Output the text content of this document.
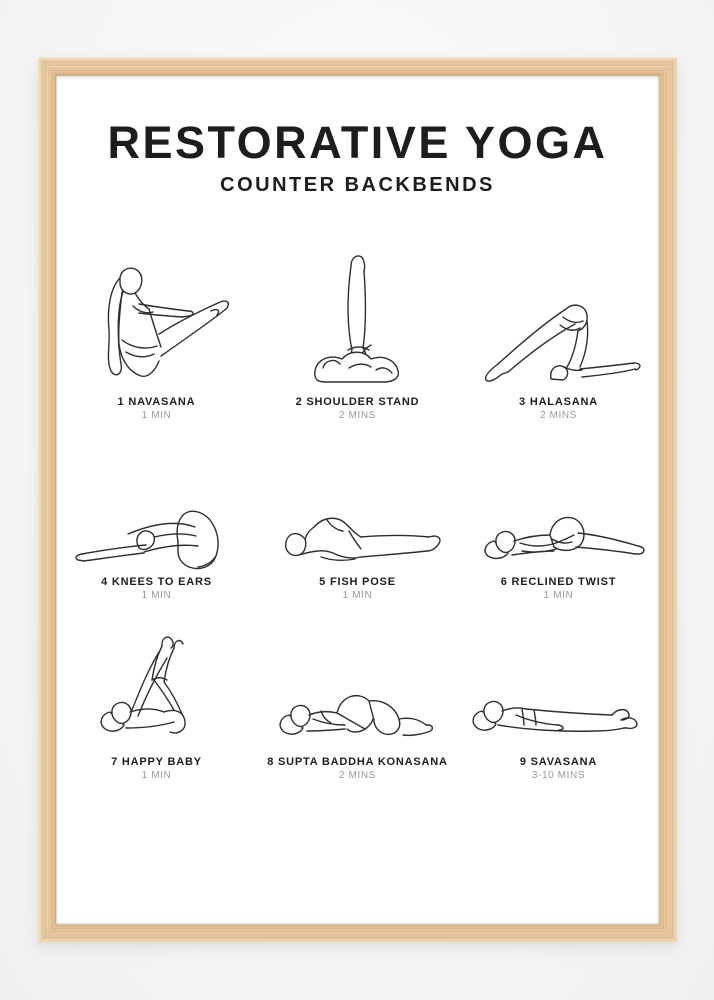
RESTORATIVE YOGA
COUNTER BACKBENDS
1 NAVASANA
1 MIN
2 SHOULDER STAND
2 MINS
3 HALASANA
2 MINS
4 KNEES TO EARS
1 MIN
5 FISH POSE
1 MIN
6 RECLINED TWIST
1 MIN
7 HAPPY BABY
1 MIN
8 SUPTA BADDHA KONASANA
2 MINS
9 SAVASANA
3-10 MINS
